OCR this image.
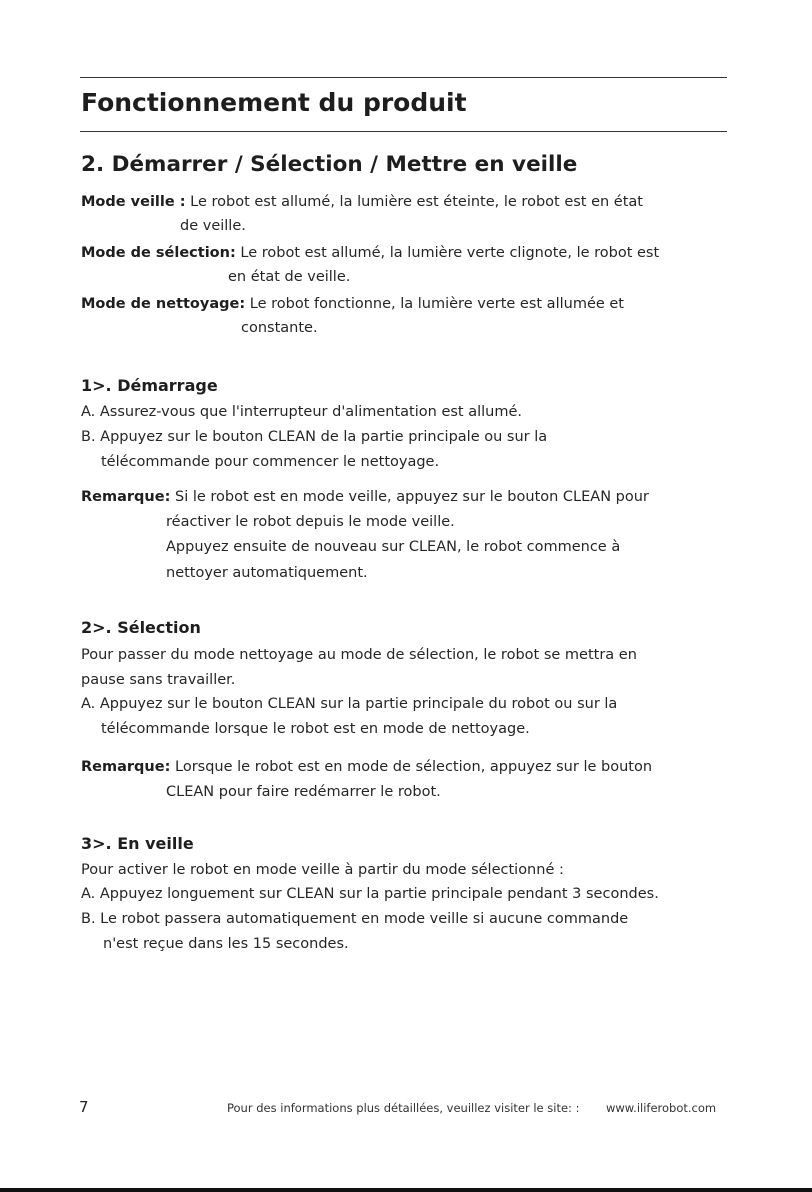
Fonctionnement du produit
2. Démarrer / Sélection / Mettre en veille
Mode veille : Le robot est allumé, la lumière est éteinte, le robot est en état
de veille.
Mode de sélection: Le robot est allumé, la lumière verte clignote, le robot est
en état de veille.
Mode de nettoyage: Le robot fonctionne, la lumière verte est allumée et
constante.
1>. Démarrage
A. Assurez-vous que l'interrupteur d'alimentation est allumé.
B. Appuyez sur le bouton CLEAN de la partie principale ou sur la
télécommande pour commencer le nettoyage.
Remarque: Si le robot est en mode veille, appuyez sur le bouton CLEAN pour
réactiver le robot depuis le mode veille.
Appuyez ensuite de nouveau sur CLEAN, le robot commence à
nettoyer automatiquement.
2>. Sélection
Pour passer du mode nettoyage au mode de sélection, le robot se mettra en
pause sans travailler.
A. Appuyez sur le bouton CLEAN sur la partie principale du robot ou sur la
télécommande lorsque le robot est en mode de nettoyage.
Remarque: Lorsque le robot est en mode de sélection, appuyez sur le bouton
CLEAN pour faire redémarrer le robot.
3>. En veille
Pour activer le robot en mode veille à partir du mode sélectionné :
A. Appuyez longuement sur CLEAN sur la partie principale pendant 3 secondes.
B. Le robot passera automatiquement en mode veille si aucune commande
n'est reçue dans les 15 secondes.
7	Pour des informations plus détaillées, veuillez visiter le site: : www.iliferobot.com
